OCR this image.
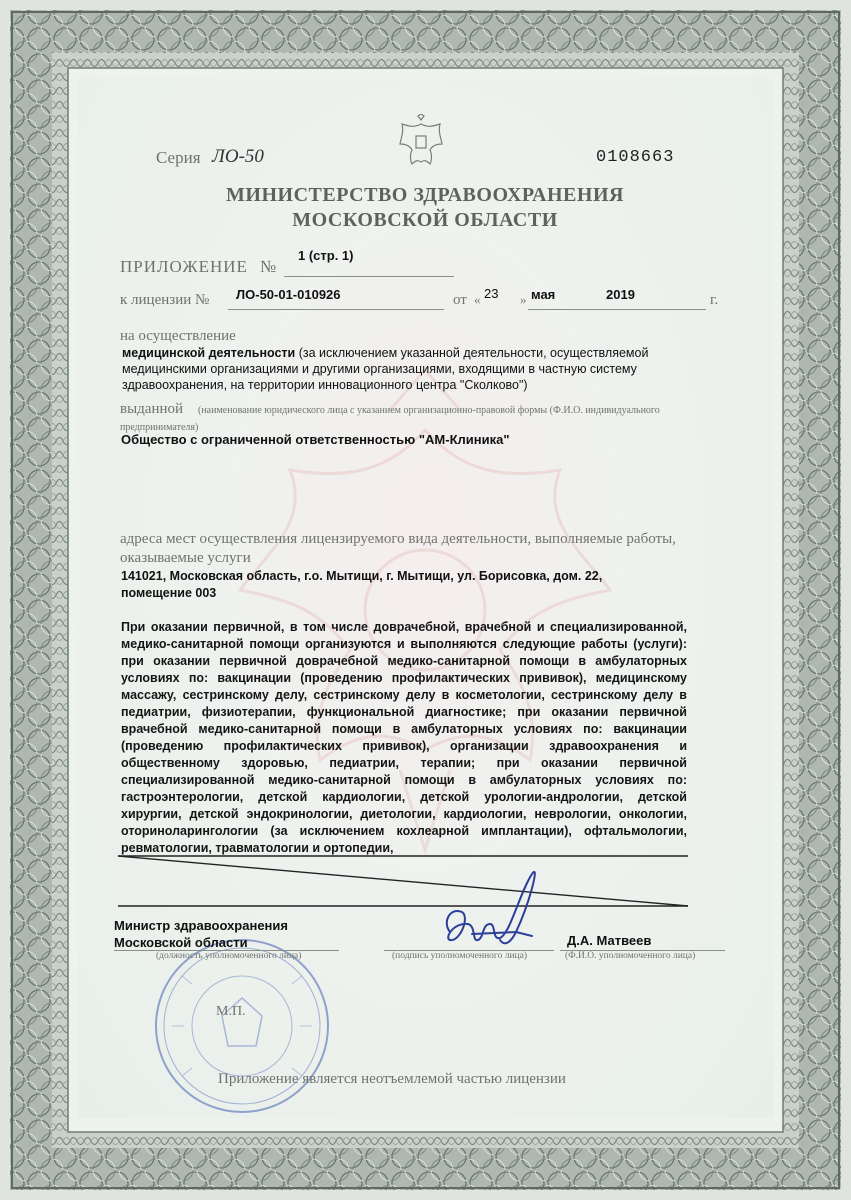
Серия ЛО-50	0108663
МИНИСТЕРСТВО ЗДРАВООХРАНЕНИЯ
МОСКОВСКОЙ ОБЛАСТИ
ПРИЛОЖЕНИЕ №
1 (стр. 1)
к лицензии № ЛО-50-01-010926	от « 23 » мая	2019	г.
на осуществление
медицинской деятельности (за исключением указанной деятельности, осуществляемой медицинскими организациями и другими организациями, входящими в частную систему здравоохранения, на территории инновационного центра "Сколково")
выданной (наименование юридического лица с указанием организационно-правовой формы (Ф.И.О. индивидуального
предпринимателя)
Общество с ограниченной ответственностью "АМ-Клиника"
адреса мест осуществления лицензируемого вида деятельности, выполняемые работы, оказываемые услуги
141021, Московская область, г.о. Мытищи, г. Мытищи, ул. Борисовка, дом. 22,
помещение 003
При оказании первичной, в том числе доврачебной, врачебной и специализированной, медико-санитарной помощи организуются и выполняются следующие работы (услуги): при оказании первичной доврачебной медико-санитарной помощи в амбулаторных условиях по: вакцинации (проведению профилактических прививок), медицинскому массажу, сестринскому делу, сестринскому делу в косметологии, сестринскому делу в педиатрии, физиотерапии, функциональной диагностике; при оказании первичной врачебной медико-санитарной помощи в амбулаторных условиях по: вакцинации (проведению профилактических прививок), организации здравоохранения и общественному здоровью, педиатрии, терапии; при оказании первичной специализированной медико-санитарной помощи в амбулаторных условиях по: гастроэнтерологии, детской кардиологии, детской урологии-андрологии, детской хирургии, детской эндокринологии, диетологии, кардиологии, неврологии, онкологии, оториноларингологии (за исключением кохлеарной имплантации), офтальмологии, ревматологии, травматологии и ортопедии,
Министр здравоохранения
Московской области
(должность уполномоченного лица)	(подпись уполномоченного лица)	(Ф.И.О. уполномоченного лица)
Д.А. Матвеев
М.П.
Приложение является неотъемлемой частью лицензии
